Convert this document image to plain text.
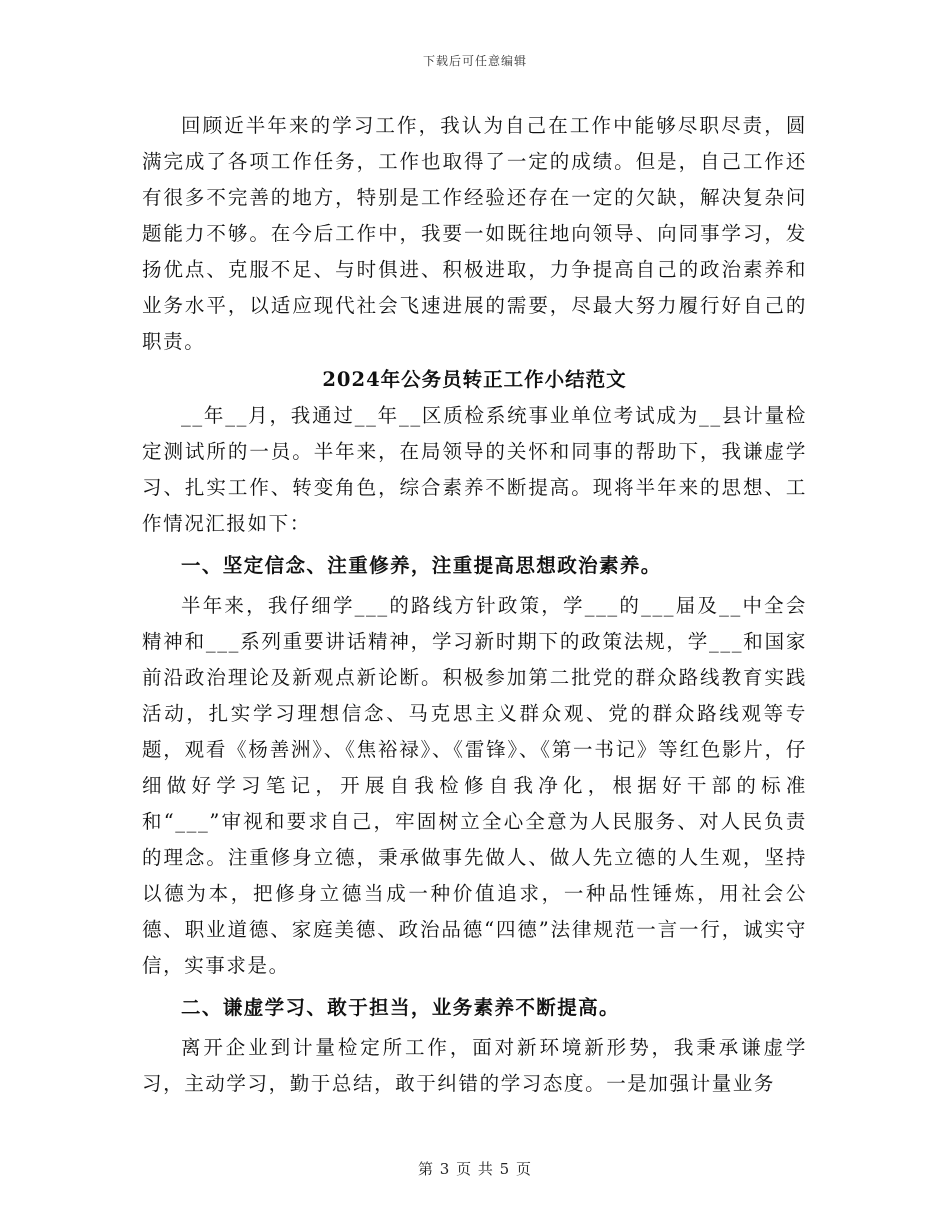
下载后可任意编辑

回顾近半年来的学习工作，我认为自己在工作中能够尽职尽责，圆满完成了各项工作任务，工作也取得了一定的成绩。但是，自己工作还有很多不完善的地方，特别是工作经验还存在一定的欠缺，解决复杂问题能力不够。在今后工作中，我要一如既往地向领导、向同事学习，发扬优点、克服不足、与时俱进、积极进取，力争提高自己的政治素养和业务水平，以适应现代社会飞速进展的需要，尽最大努力履行好自己的职责。

2024年公务员转正工作小结范文

__年__月，我通过__年__区质检系统事业单位考试成为__县计量检定测试所的一员。半年来，在局领导的关怀和同事的帮助下，我谦虚学习、扎实工作、转变角色，综合素养不断提高。现将半年来的思想、工作情况汇报如下：

一、坚定信念、注重修养，注重提高思想政治素养。

半年来，我仔细学___的路线方针政策，学___的___届及__中全会精神和___系列重要讲话精神，学习新时期下的政策法规，学___和国家前沿政治理论及新观点新论断。积极参加第二批党的群众路线教育实践活动，扎实学习理想信念、马克思主义群众观、党的群众路线观等专题，观看《杨善洲》、《焦裕禄》、《雷锋》、《第一书记》等红色影片，仔细做好学习笔记，开展自我检修自我净化，根据好干部的标准和“___”审视和要求自己，牢固树立全心全意为人民服务、对人民负责的理念。注重修身立德，秉承做事先做人、做人先立德的人生观，坚持以德为本，把修身立德当成一种价值追求，一种品性锤炼，用社会公德、职业道德、家庭美德、政治品德“四德”法律规范一言一行，诚实守信，实事求是。

二、谦虚学习、敢于担当，业务素养不断提高。

离开企业到计量检定所工作，面对新环境新形势，我秉承谦虚学习，主动学习，勤于总结，敢于纠错的学习态度。一是加强计量业务

第 3 页 共 5 页
